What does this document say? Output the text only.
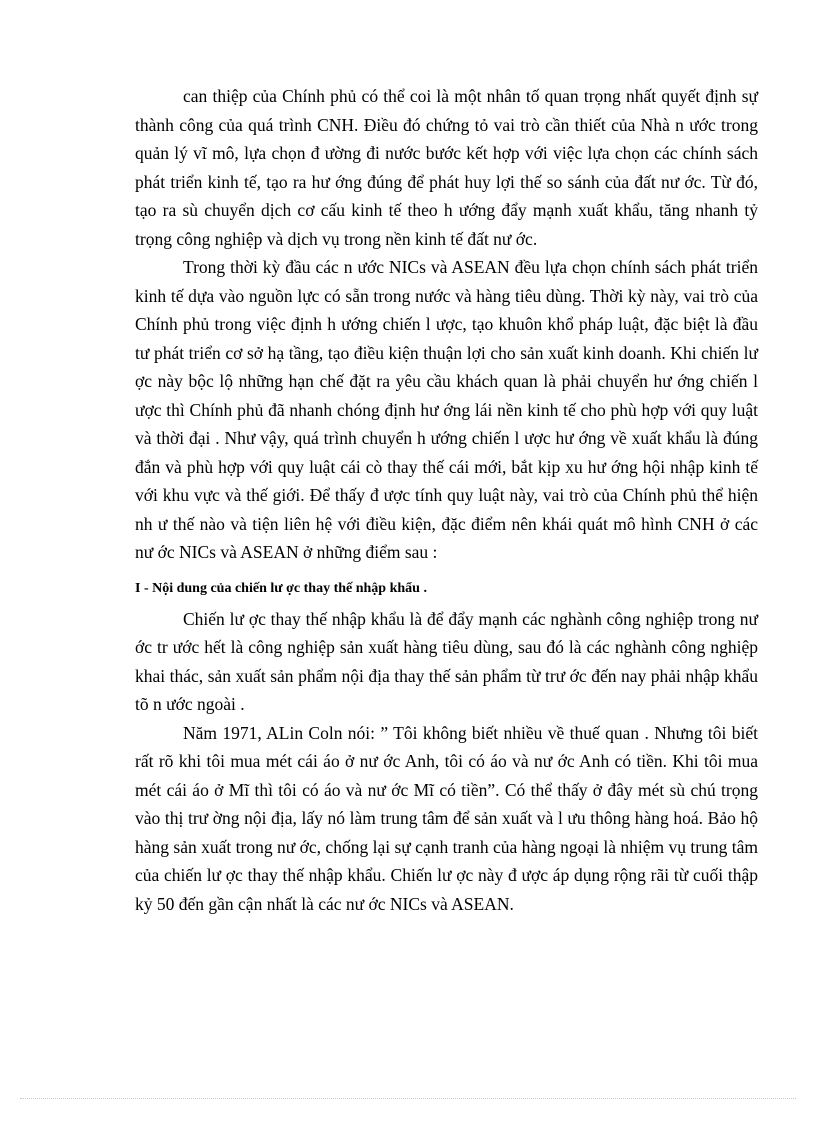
can thiệp của Chính phủ có thể coi là một nhân tố quan trọng nhất quyết định sự thành công của quá trình CNH. Điều đó chứng tỏ vai trò cần thiết của Nhà n ước trong quản lý vĩ mô, lựa chọn đ ường đi nước bước kết hợp với việc lựa chọn các chính sách phát triển kinh tế, tạo ra hư ớng đúng để phát huy lợi thế so sánh của đất nư ớc. Từ đó, tạo ra sù chuyển dịch cơ cấu kinh tế theo h ướng đẩy mạnh xuất khẩu, tăng nhanh tỷ trọng công nghiệp và dịch vụ trong nền kinh tế đất nư ớc.

Trong thời kỳ đầu các n ước NICs và ASEAN đều lựa chọn chính sách phát triển kinh tế dựa vào nguồn lực có sẵn trong nước và hàng tiêu dùng. Thời kỳ này, vai trò của Chính phủ trong việc định h ướng chiến l ược, tạo khuôn khổ pháp luật, đặc biệt là đầu tư phát triển cơ sở hạ tầng, tạo điều kiện thuận lợi cho sản xuất kinh doanh. Khi chiến lư ợc này bộc lộ những hạn chế đặt ra yêu cầu khách quan là phải chuyển hư ớng chiến l ược thì Chính phủ đã nhanh chóng định hư ớng lái nền kinh tế cho phù hợp với quy luật và thời đại . Như vậy, quá trình chuyển h ướng chiến l ược hư ớng về xuất khẩu là đúng đắn và phù hợp với quy luật cái cò thay thế cái mới, bắt kịp xu hư ớng hội nhập kinh tế với khu vực và thế giới. Để thấy đ ược tính quy luật này, vai trò của Chính phủ thể hiện nh ư thế nào và tiện liên hệ với điều kiện, đặc điểm nên khái quát mô hình CNH ở các nư ớc NICs và ASEAN ở những điểm sau :

I - Nội dung của chiến lư ợc thay thế nhập khẩu .

Chiến lư ợc thay thế nhập khẩu là để đẩy mạnh các nghành công nghiệp trong nư ớc tr ước hết là công nghiệp sản xuất hàng tiêu dùng, sau đó là các nghành công nghiệp khai thác, sản xuất sản phẩm nội địa thay thế sản phẩm từ trư ớc đến nay phải nhập khẩu tõ n ước ngoài .

Năm 1971, ALin Coln nói: ” Tôi không biết nhiều về thuế quan . Nhưng tôi biết rất rõ khi tôi mua mét cái áo ở nư ớc Anh, tôi có áo và nư ớc Anh có tiền. Khi tôi mua mét cái áo ở Mĩ thì tôi có áo và nư ớc Mĩ có tiền”. Có thể thấy ở đây mét sù chú trọng vào thị trư ờng nội địa, lấy nó làm trung tâm để sản xuất và l ưu thông hàng hoá. Bảo hộ hàng sản xuất trong nư ớc, chống lại sự cạnh tranh của hàng ngoại là nhiệm vụ trung tâm của chiến lư ợc thay thế nhập khẩu. Chiến lư ợc này đ ược áp dụng rộng rãi từ cuối thập kỷ 50 đến gần cận nhất là các nư ớc NICs và ASEAN.
